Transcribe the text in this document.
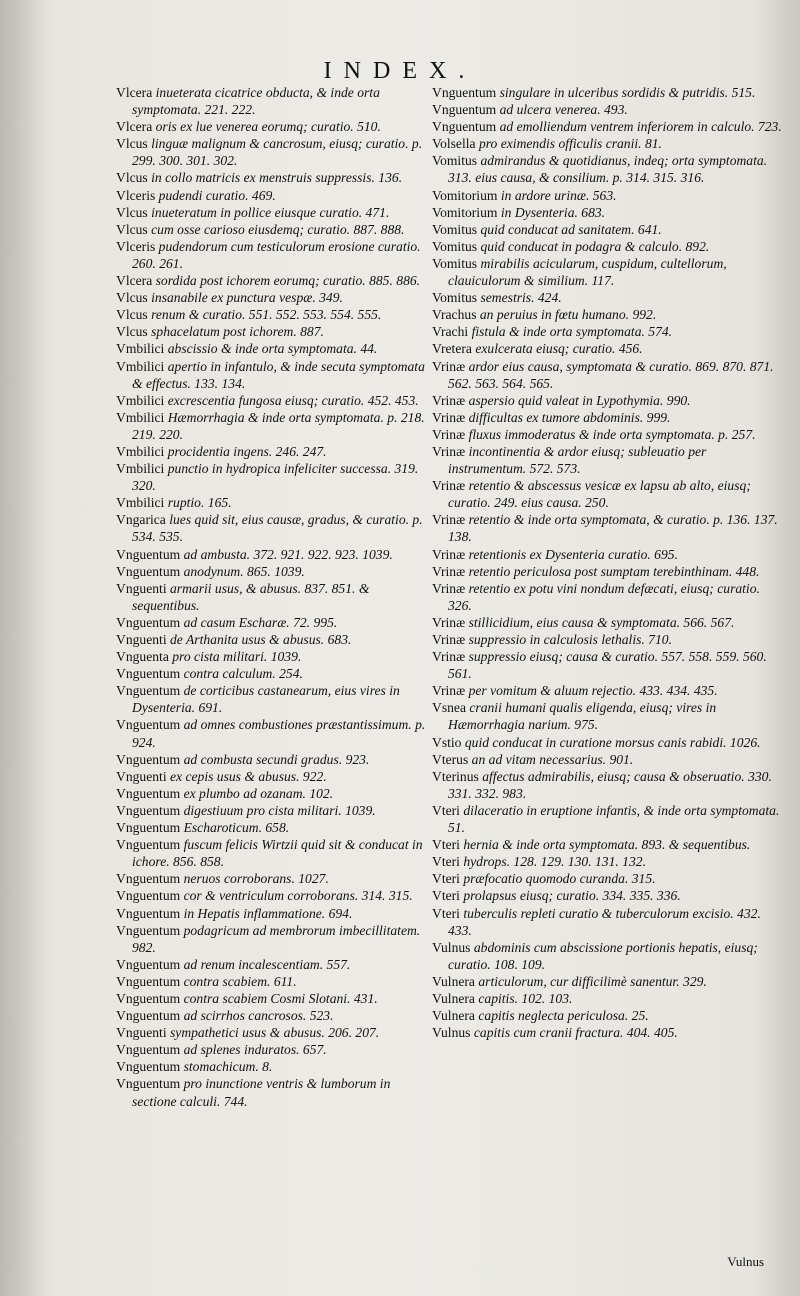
INDEX.

Vlcera inueterata cicatrice obducta, & inde orta symptomata. 221. 222.

Vlcera oris ex lue venerea eorumq; curatio. 510.

Vlcus linguæ malignum & cancrosum, eiusq; curatio. p. 299. 300. 301. 302.

Vlcus in collo matricis ex menstruis suppressis. 136.

Vlceris pudendi curatio. 469.

Vlcus inueteratum in pollice eiusque curatio. 471.

Vlcus cum osse carioso eiusdemq; curatio. 887. 888.

Vlceris pudendorum cum testiculorum erosione curatio. 260. 261.

Vlcera sordida post ichorem eorumq; curatio. 885. 886.

Vlcus insanabile ex punctura vespæ. 349.

Vlcus renum & curatio. 551. 552. 553. 554. 555.

Vlcus sphacelatum post ichorem. 887.

Vmbilici abscissio & inde orta symptomata. 44.

Vmbilici apertio in infantulo, & inde secuta symptomata & effectus. 133. 134.

Vmbilici excrescentia fungosa eiusq; curatio. 452. 453.

Vmbilici Hæmorrhagia & inde orta symptomata. p. 218. 219. 220.

Vmbilici procidentia ingens. 246. 247.

Vmbilici punctio in hydropica infeliciter successa. 319. 320.

Vmbilici ruptio. 165.

Vngarica lues quid sit, eius causæ, gradus, & curatio. p. 534. 535.

Vnguentum ad ambusta. 372. 921. 922. 923. 1039.

Vnguentum anodynum. 865. 1039.

Vnguenti armarii usus, & abusus. 837. 851. & sequentibus.

Vnguentum ad casum Escharæ. 72. 995.

Vnguenti de Arthanita usus & abusus. 683.

Vnguenta pro cista militari. 1039.

Vnguentum contra calculum. 254.

Vnguentum de corticibus castanearum, eius vires in Dysenteria. 691.

Vnguentum ad omnes combustiones præstantissimum. p. 924.

Vnguentum ad combusta secundi gradus. 923.

Vnguenti ex cepis usus & abusus. 922.

Vnguentum ex plumbo ad ozanam. 102.

Vnguentum digestiuum pro cista militari. 1039.

Vnguentum Escharoticum. 658.

Vnguentum fuscum felicis Wirtzii quid sit & conducat in ichore. 856. 858.

Vnguentum neruos corroborans. 1027.

Vnguentum cor & ventriculum corroborans. 314. 315.

Vnguentum in Hepatis inflammatione. 694.

Vnguentum podagricum ad membrorum imbecillitatem. 982.

Vnguentum ad renum incalescentiam. 557.

Vnguentum contra scabiem. 611.

Vnguentum contra scabiem Cosmi Slotani. 431.

Vnguentum ad scirrhos cancrosos. 523.

Vnguenti sympathetici usus & abusus. 206. 207.

Vnguentum ad splenes induratos. 657.

Vnguentum stomachicum. 8.

Vnguentum pro inunctione ventris & lumborum in sectione calculi. 744.

Vnguentum singulare in ulceribus sordidis & putridis. 515.

Vnguentum ad ulcera venerea. 493.

Vnguentum ad emolliendum ventrem inferiorem in calculo. 723.

Volsella pro eximendis officulis cranii. 81.

Vomitus admirandus & quotidianus, indeq; orta symptomata. 313. eius causa, & consilium. p. 314. 315. 316.

Vomitorium in ardore urinæ. 563.

Vomitorium in Dysenteria. 683.

Vomitus quid conducat ad sanitatem. 641.

Vomitus quid conducat in podagra & calculo. 892.

Vomitus mirabilis acicularum, cuspidum, cultellorum, clauiculorum & similium. 117.

Vomitus semestris. 424.

Vrachus an peruius in fœtu humano. 992.

Vrachi fistula & inde orta symptomata. 574.

Vretera exulcerata eiusq; curatio. 456.

Vrinæ ardor eius causa, symptomata & curatio. 869. 870. 871. 562. 563. 564. 565.

Vrinæ aspersio quid valeat in Lypothymia. 990.

Vrinæ difficultas ex tumore abdominis. 999.

Vrinæ fluxus immoderatus & inde orta symptomata. p. 257.

Vrinæ incontinentia & ardor eiusq; subleuatio per instrumentum. 572. 573.

Vrinæ retentio & abscessus vesicæ ex lapsu ab alto, eiusq; curatio. 249. eius causa. 250.

Vrinæ retentio & inde orta symptomata, & curatio. p. 136. 137. 138.

Vrinæ retentionis ex Dysenteria curatio. 695.

Vrinæ retentio periculosa post sumptam terebinthinam. 448.

Vrinæ retentio ex potu vini nondum defæcati, eiusq; curatio. 326.

Vrinæ stillicidium, eius causa & symptomata. 566. 567.

Vrinæ suppressio in calculosis lethalis. 710.

Vrinæ suppressio eiusq; causa & curatio. 557. 558. 559. 560. 561.

Vrinæ per vomitum & aluum rejectio. 433. 434. 435.

Vsnea cranii humani qualis eligenda, eiusq; vires in Hæmorrhagia narium. 975.

Vstio quid conducat in curatione morsus canis rabidi. 1026.

Vterus an ad vitam necessarius. 901.

Vterinus affectus admirabilis, eiusq; causa & obseruatio. 330. 331. 332. 983.

Vteri dilaceratio in eruptione infantis, & inde orta symptomata. 51.

Vteri hernia & inde orta symptomata. 893. & sequentibus.

Vteri hydrops. 128. 129. 130. 131. 132.

Vteri præfocatio quomodo curanda. 315.

Vteri prolapsus eiusq; curatio. 334. 335. 336.

Vteri tuberculis repleti curatio & tuberculorum excisio. 432. 433.

Vulnus abdominis cum abscissione portionis hepatis, eiusq; curatio. 108. 109.

Vulnera articulorum, cur difficilimè sanentur. 329.

Vulnera capitis. 102. 103.

Vulnera capitis neglecta periculosa. 25.

Vulnus capitis cum cranii fractura. 404. 405.

Vulnus
